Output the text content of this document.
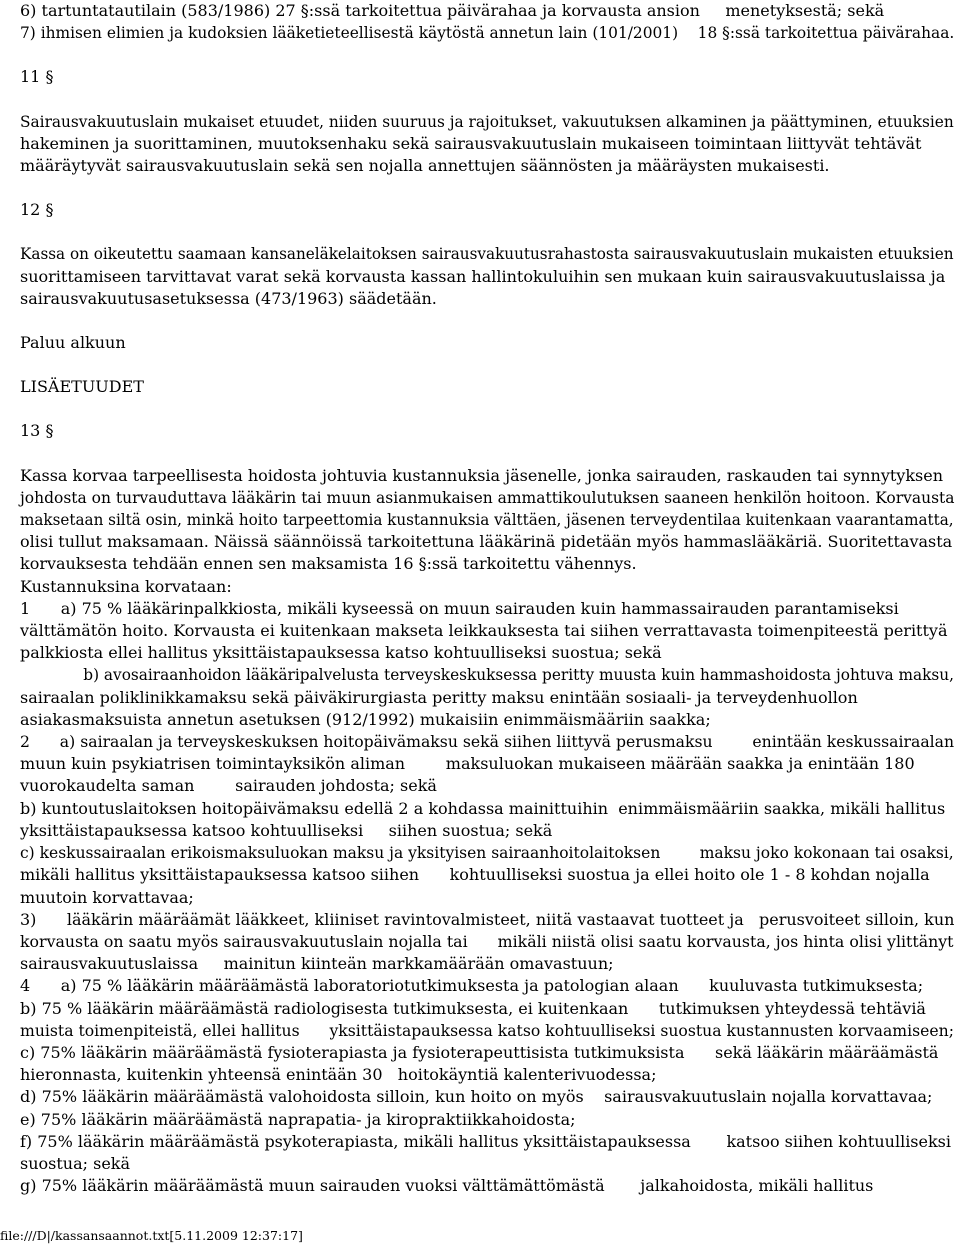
6) tartuntatautilain (583/1986) 27 §:ssä tarkoitettua päivärahaa ja korvausta ansion     menetyksestä; sekä

7) ihmisen elimien ja kudoksien lääketieteellisestä käytöstä annetun lain (101/2001)    18 §:ssä tarkoitettua päivärahaa.

11 §

Sairausvakuutuslain mukaiset etuudet, niiden suuruus ja rajoitukset, vakuutuksen alkaminen ja päättyminen, etuuksien

hakeminen ja suorittaminen, muutoksenhaku sekä sairausvakuutuslain mukaiseen toimintaan liittyvät tehtävät

määräytyvät sairausvakuutuslain sekä sen nojalla annettujen säännösten ja määräysten mukaisesti.

12 §

Kassa on oikeutettu saamaan kansaneläkelaitoksen sairausvakuutusrahastosta sairausvakuutuslain mukaisten etuuksien

suorittamiseen tarvittavat varat sekä korvausta kassan hallintokuluihin sen mukaan kuin sairausvakuutuslaissa ja

sairausvakuutusasetuksessa (473/1963) säädetään.

Paluu alkuun

LISÄETUUDET

13 §

Kassa korvaa tarpeellisesta hoidosta johtuvia kustannuksia jäsenelle, jonka sairauden, raskauden tai synnytyksen

johdosta on turvauduttava lääkärin tai muun asianmukaisen ammattikoulutuksen saaneen henkilön hoitoon. Korvausta

maksetaan siltä osin, minkä hoito tarpeettomia kustannuksia välttäen, jäsenen terveydentilaa kuitenkaan vaarantamatta,

olisi tullut maksamaan. Näissä säännöissä tarkoitettuna lääkärinä pidetään myös hammaslääkäriä. Suoritettavasta

korvauksesta tehdään ennen sen maksamista 16 §:ssä tarkoitettu vähennys.

Kustannuksina korvataan:

1      a) 75 % lääkärinpalkkiosta, mikäli kyseessä on muun sairauden kuin hammassairauden parantamiseksi

välttämätön hoito. Korvausta ei kuitenkaan makseta leikkauksesta tai siihen verrattavasta toimenpiteestä perittyä

palkkiosta ellei hallitus yksittäistapauksessa katso kohtuulliseksi suostua; sekä

b) avosairaanhoidon lääkäripalvelusta terveyskeskuksessa peritty muusta kuin hammashoidosta johtuva maksu,

sairaalan poliklinikkamaksu sekä päiväkirurgiasta peritty maksu enintään sosiaali- ja terveydenhuollon

asiakasmaksuista annetun asetuksen (912/1992) mukaisiin enimmäismääriin saakka;

2      a) sairaalan ja terveyskeskuksen hoitopäivämaksu sekä siihen liittyvä perusmaksu        enintään keskussairaalan

muun kuin psykiatrisen toimintayksikön aliman        maksuluokan mukaiseen määrään saakka ja enintään 180

vuorokaudelta saman        sairauden johdosta; sekä

b) kuntoutuslaitoksen hoitopäivämaksu edellä 2 a kohdassa mainittuihin  enimmäismääriin saakka, mikäli hallitus

yksittäistapauksessa katsoo kohtuulliseksi     siihen suostua; sekä

c) keskussairaalan erikoismaksuluokan maksu ja yksityisen sairaanhoitolaitoksen        maksu joko kokonaan tai osaksi,

mikäli hallitus yksittäistapauksessa katsoo siihen      kohtuulliseksi suostua ja ellei hoito ole 1 - 8 kohdan nojalla

muutoin korvattavaa;

3)      lääkärin määräämät lääkkeet, kliiniset ravintovalmisteet, niitä vastaavat tuotteet ja   perusvoiteet silloin, kun

korvausta on saatu myös sairausvakuutuslain nojalla tai      mikäli niistä olisi saatu korvausta, jos hinta olisi ylittänyt

sairausvakuutuslaissa     mainitun kiinteän markkamäärään omavastuun;

4      a) 75 % lääkärin määräämästä laboratoriotutkimuksesta ja patologian alaan      kuuluvasta tutkimuksesta;

b) 75 % lääkärin määräämästä radiologisesta tutkimuksesta, ei kuitenkaan      tutkimuksen yhteydessä tehtäviä

muista toimenpiteistä, ellei hallitus      yksittäistapauksessa katso kohtuulliseksi suostua kustannusten korvaamiseen;

c) 75% lääkärin määräämästä fysioterapiasta ja fysioterapeuttisista tutkimuksista      sekä lääkärin määräämästä

hieronnasta, kuitenkin yhteensä enintään 30   hoitokäyntiä kalenterivuodessa;

d) 75% lääkärin määräämästä valohoidosta silloin, kun hoito on myös    sairausvakuutuslain nojalla korvattavaa;

e) 75% lääkärin määräämästä naprapatia- ja kiropraktiikkahoidosta;

f) 75% lääkärin määräämästä psykoterapiasta, mikäli hallitus yksittäistapauksessa       katsoo siihen kohtuulliseksi

suostua; sekä

g) 75% lääkärin määräämästä muun sairauden vuoksi välttämättömästä       jalkahoidosta, mikäli hallitus

file:///D|/kassansaannot.txt[5.11.2009 12:37:17]
